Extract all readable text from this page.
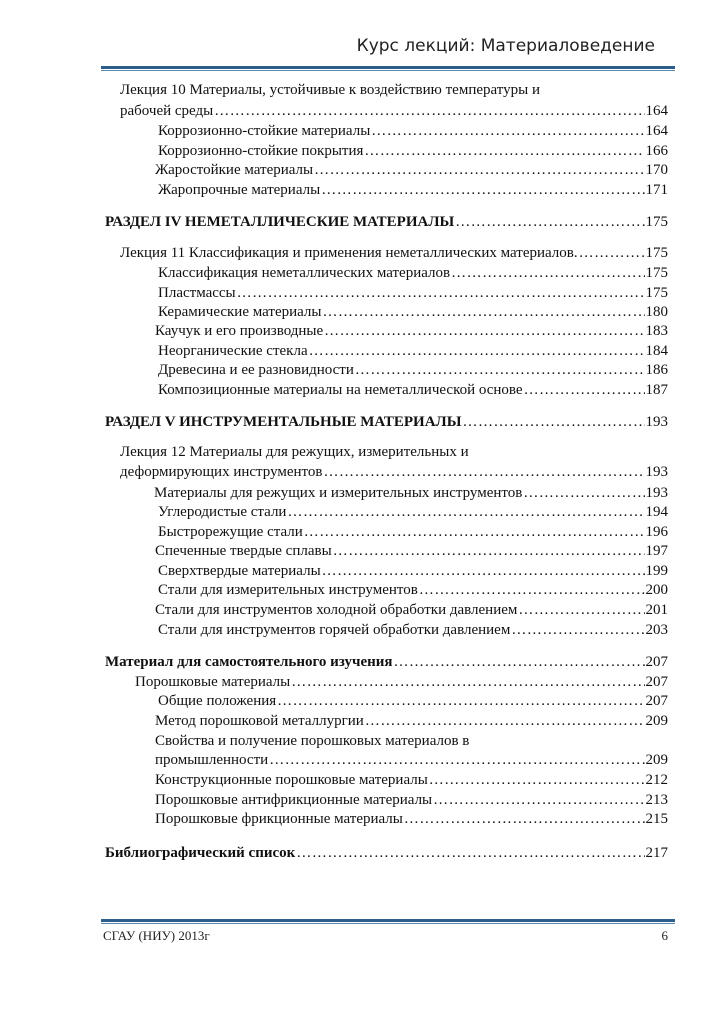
Курс лекций: Материаловедение
Лекция 10 Материалы, устойчивые к воздействию температуры и
рабочей среды …………………………………………………………………………………………………………………………………………………………………………………………	164
Коррозионно-стойкие материалы …………………………………………………………………………………………………………………………………………………………………………………………	164
Коррозионно-стойкие покрытия …………………………………………………………………………………………………………………………………………………………………………………………	166
Жаростойкие материалы …………………………………………………………………………………………………………………………………………………………………………………………	170
Жаропрочные материалы …………………………………………………………………………………………………………………………………………………………………………………………	171
РАЗДЕЛ IV НЕМЕТАЛЛИЧЕСКИЕ МАТЕРИАЛЫ …………………………………………………………………………………………………………………………………………………………………………………………	175
Лекция 11 Классификация и применения неметаллических материалов. …………………………………………………………………………………………………………………………………………………………………………………………	175
Классификация неметаллических материалов …………………………………………………………………………………………………………………………………………………………………………………………	175
Пластмассы …………………………………………………………………………………………………………………………………………………………………………………………	175
Керамические материалы …………………………………………………………………………………………………………………………………………………………………………………………	180
Каучук и его производные …………………………………………………………………………………………………………………………………………………………………………………………	183
Неорганические стекла …………………………………………………………………………………………………………………………………………………………………………………………	184
Древесина и ее разновидности …………………………………………………………………………………………………………………………………………………………………………………………	186
Композиционные материалы на неметаллической основе …………………………………………………………………………………………………………………………………………………………………………………………	187
РАЗДЕЛ V ИНСТРУМЕНТАЛЬНЫЕ МАТЕРИАЛЫ …………………………………………………………………………………………………………………………………………………………………………………………	193
Лекция 12 Материалы для режущих, измерительных и
деформирующих инструментов …………………………………………………………………………………………………………………………………………………………………………………………	193
Материалы для режущих и измерительных инструментов …………………………………………………………………………………………………………………………………………………………………………………………	193
Углеродистые стали …………………………………………………………………………………………………………………………………………………………………………………………	194
Быстрорежущие стали …………………………………………………………………………………………………………………………………………………………………………………………	196
Спеченные твердые сплавы …………………………………………………………………………………………………………………………………………………………………………………………	197
Сверхтвердые материалы …………………………………………………………………………………………………………………………………………………………………………………………	199
Стали для измерительных инструментов …………………………………………………………………………………………………………………………………………………………………………………………	200
Стали для инструментов холодной обработки давлением …………………………………………………………………………………………………………………………………………………………………………………………	201
Стали для инструментов горячей обработки давлением …………………………………………………………………………………………………………………………………………………………………………………………	203
Материал для самостоятельного изучения …………………………………………………………………………………………………………………………………………………………………………………………	207
Порошковые материалы …………………………………………………………………………………………………………………………………………………………………………………………	207
Общие положения …………………………………………………………………………………………………………………………………………………………………………………………	207
Метод порошковой металлургии …………………………………………………………………………………………………………………………………………………………………………………………	209
Свойства и получение порошковых материалов в
промышленности …………………………………………………………………………………………………………………………………………………………………………………………	209
Конструкционные порошковые материалы …………………………………………………………………………………………………………………………………………………………………………………………	212
Порошковые антифрикционные материалы …………………………………………………………………………………………………………………………………………………………………………………………	213
Порошковые фрикционные материалы …………………………………………………………………………………………………………………………………………………………………………………………	215
Библиографический список …………………………………………………………………………………………………………………………………………………………………………………………	217
СГАУ (НИУ) 2013г	6
